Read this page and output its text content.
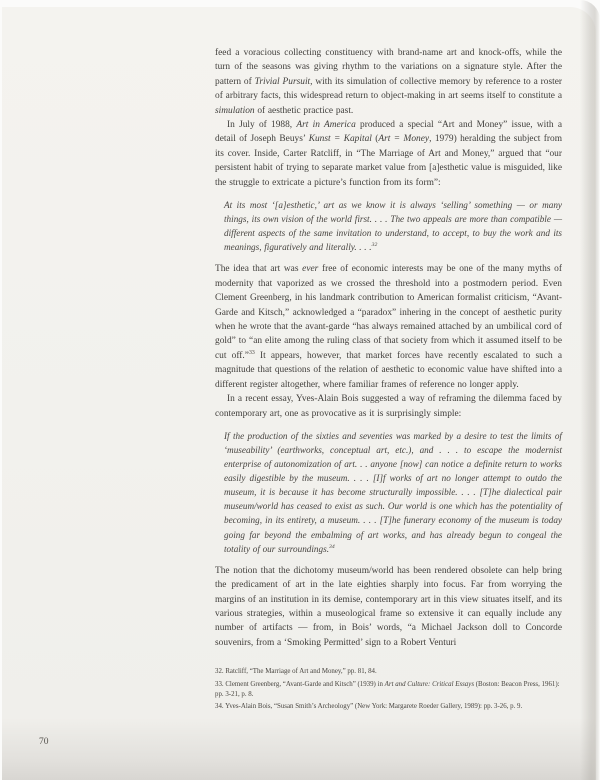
feed a voracious collecting constituency with brand-name art and knock-offs, while the turn of the seasons was giving rhythm to the variations on a signature style. After the pattern of Trivial Pursuit, with its simulation of collective memory by reference to a roster of arbitrary facts, this widespread return to object-making in art seems itself to constitute a simulation of aesthetic practice past.

In July of 1988, Art in America produced a special “Art and Money” issue, with a detail of Joseph Beuys’ Kunst = Kapital (Art = Money, 1979) heralding the subject from its cover. Inside, Carter Ratcliff, in “The Marriage of Art and Money,” argued that “our persistent habit of trying to separate market value from [a]esthetic value is misguided, like the struggle to extricate a picture’s function from its form”:

At its most ‘[a]esthetic,’ art as we know it is always ‘selling’ something — or many things, its own vision of the world first. . . . The two appeals are more than compatible — different aspects of the same invitation to understand, to accept, to buy the work and its meanings, figuratively and literally. . . .$^{32}$

The idea that art was ever free of economic interests may be one of the many myths of modernity that vaporized as we crossed the threshold into a postmodern period. Even Clement Greenberg, in his landmark contribution to American formalist criticism, “Avant-Garde and Kitsch,” acknowledged a “paradox” inhering in the concept of aesthetic purity when he wrote that the avant-garde “has always remained attached by an umbilical cord of gold” to “an elite among the ruling class of that society from which it assumed itself to be cut off.”$^{33}$ It appears, however, that market forces have recently escalated to such a magnitude that questions of the relation of aesthetic to economic value have shifted into a different register altogether, where familiar frames of reference no longer apply.

In a recent essay, Yves-Alain Bois suggested a way of reframing the dilemma faced by contemporary art, one as provocative as it is surprisingly simple:

If the production of the sixties and seventies was marked by a desire to test the limits of ‘museability’ (earthworks, conceptual art, etc.), and . . . to escape the modernist enterprise of autonomization of art. . . anyone [now] can notice a definite return to works easily digestible by the museum. . . . [I]f works of art no longer attempt to outdo the museum, it is because it has become structurally impossible. . . . [T]he dialectical pair museum/world has ceased to exist as such. Our world is one which has the potentiality of becoming, in its entirety, a museum. . . . [T]he funerary economy of the museum is today going far beyond the embalming of art works, and has already begun to congeal the totality of our surroundings.$^{34}$

The notion that the dichotomy museum/world has been rendered obsolete can help bring the predicament of art in the late eighties sharply into focus. Far from worrying the margins of an institution in its demise, contemporary art in this view situates itself, and its various strategies, within a museological frame so extensive it can equally include any number of artifacts — from, in Bois’ words, “a Michael Jackson doll to Concorde souvenirs, from a ‘Smoking Permitted’ sign to a Robert Venturi

32. Ratcliff, “The Marriage of Art and Money,” pp. 81, 84.

33. Clement Greenberg, “Avant-Garde and Kitsch” (1939) in Art and Culture: Critical Essays (Boston: Beacon Press, 1961): pp. 3-21, p. 8.

34. Yves-Alain Bois, “Susan Smith’s Archeology” (New York: Margarete Roeder Gallery, 1989): pp. 3-26, p. 9.

70
